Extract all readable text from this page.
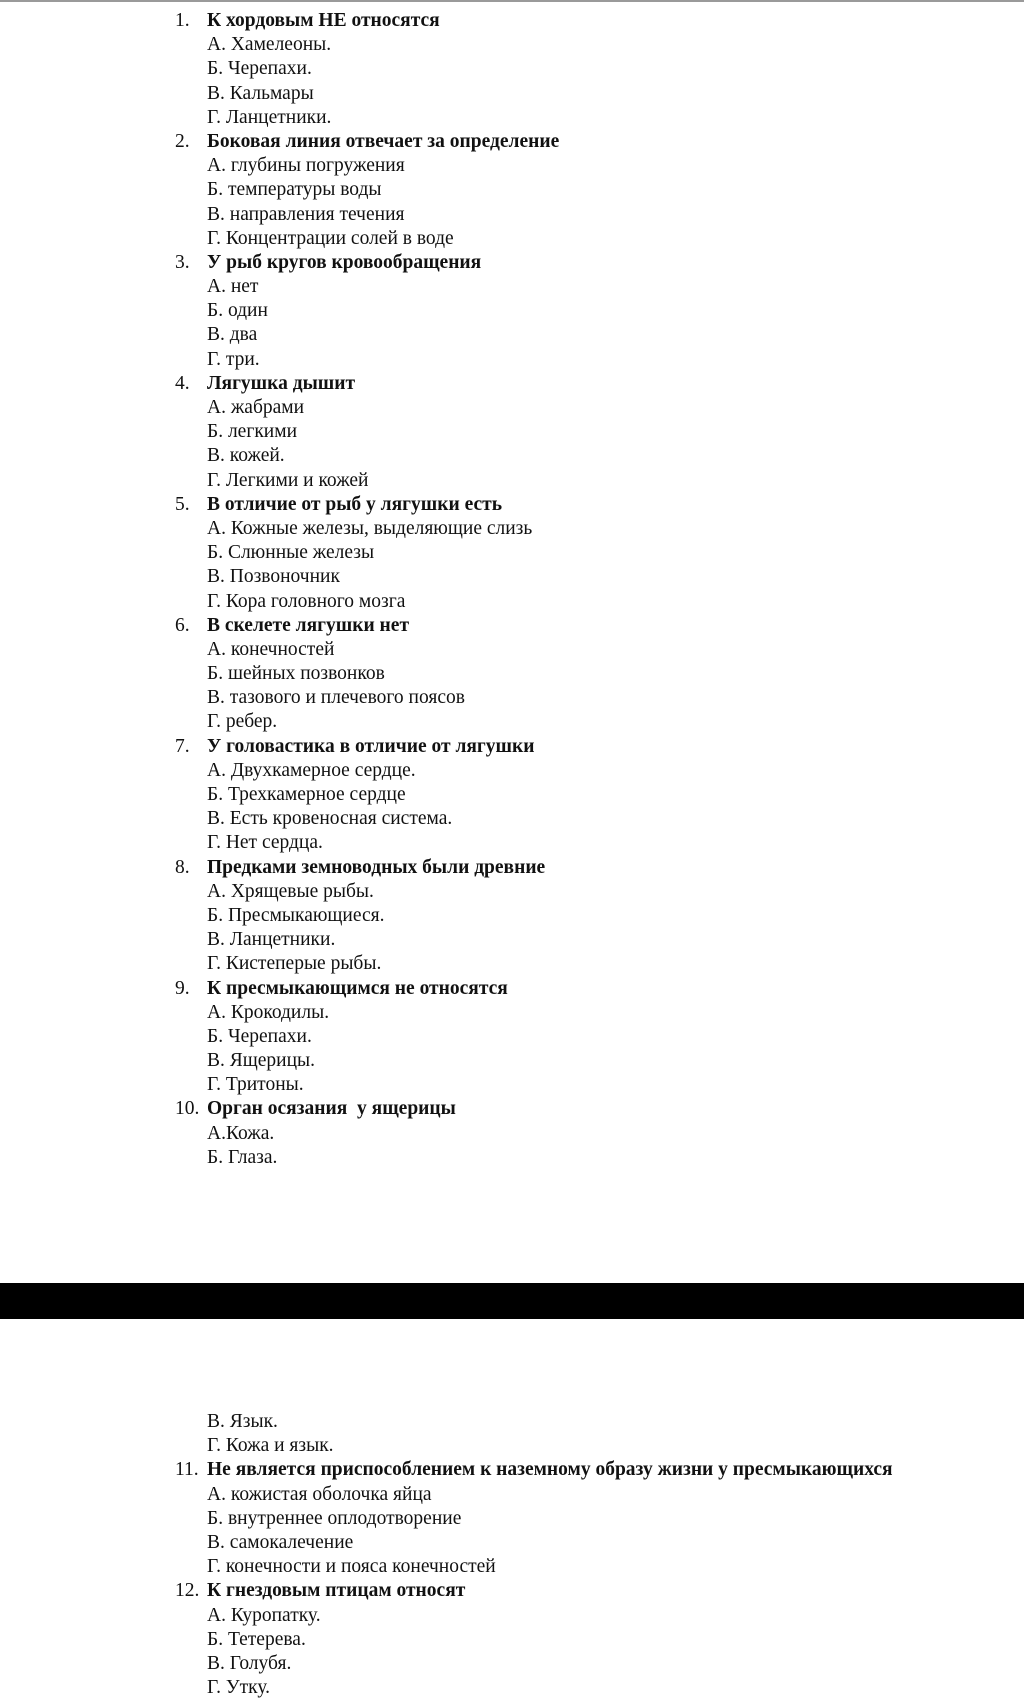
1. К хордовым НЕ относятся
А. Хамелеоны.
Б. Черепахи.
В. Кальмары
Г. Ланцетники.
2. Боковая линия отвечает за определение
А. глубины погружения
Б. температуры воды
В. направления течения
Г. Концентрации солей в воде
3. У рыб кругов кровообращения
А. нет
Б. один
В. два
Г. три.
4. Лягушка дышит
А. жабрами
Б. легкими
В. кожей.
Г. Легкими и кожей
5. В отличие от рыб у лягушки есть
А. Кожные железы, выделяющие слизь
Б. Слюнные железы
В. Позвоночник
Г. Кора головного мозга
6. В скелете лягушки нет
А. конечностей
Б. шейных позвонков
В. тазового и плечевого поясов
Г. ребер.
7. У головастика в отличие от лягушки
А. Двухкамерное сердце.
Б. Трехкамерное сердце
В. Есть кровеносная система.
Г. Нет сердца.
8. Предками земноводных были древние
А. Хрящевые рыбы.
Б. Пресмыкающиеся.
В. Ланцетники.
Г. Кистеперые рыбы.
9. К пресмыкающимся не относятся
А. Крокодилы.
Б. Черепахи.
В. Ящерицы.
Г. Тритоны.
10. Орган осязания  у ящерицы
А.Кожа.
Б. Глаза.
В. Язык.
Г. Кожа и язык.
11. Не является приспособлением к наземному образу жизни у пресмыкающихся
А. кожистая оболочка яйца
Б. внутреннее оплодотворение
В. самокалечение
Г. конечности и пояса конечностей
12. К гнездовым птицам относят
А. Куропатку.
Б. Тетерева.
В. Голубя.
Г. Утку.
